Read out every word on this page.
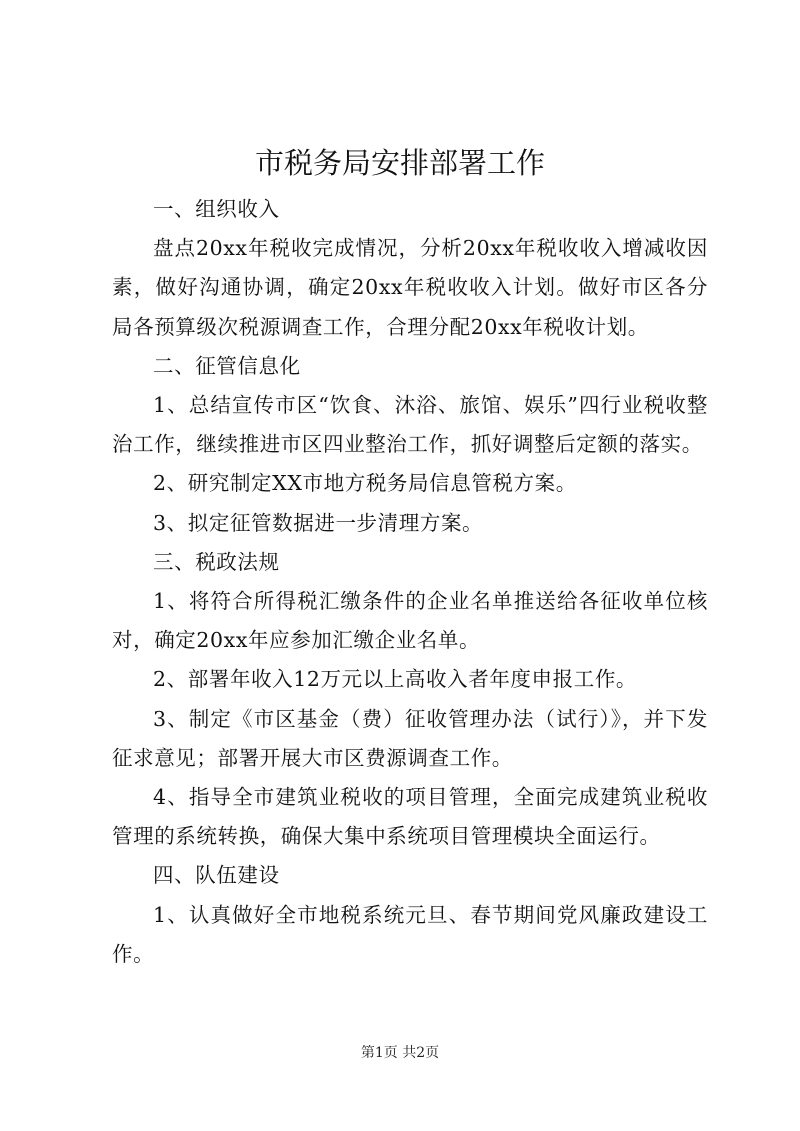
市税务局安排部署工作

一、组织收入

盘点20xx年税收完成情况，分析20xx年税收收入增减收因素，做好沟通协调，确定20xx年税收收入计划。做好市区各分局各预算级次税源调查工作，合理分配20xx年税收计划。

二、征管信息化

1、总结宣传市区“饮食、沐浴、旅馆、娱乐”四行业税收整治工作，继续推进市区四业整治工作，抓好调整后定额的落实。

2、研究制定XX市地方税务局信息管税方案。

3、拟定征管数据进一步清理方案。

三、税政法规

1、将符合所得税汇缴条件的企业名单推送给各征收单位核对，确定20xx年应参加汇缴企业名单。

2、部署年收入12万元以上高收入者年度申报工作。

3、制定《市区基金（费）征收管理办法（试行）》，并下发征求意见；部署开展大市区费源调查工作。

4、指导全市建筑业税收的项目管理，全面完成建筑业税收管理的系统转换，确保大集中系统项目管理模块全面运行。

四、队伍建设

1、认真做好全市地税系统元旦、春节期间党风廉政建设工作。

第1页 共2页
